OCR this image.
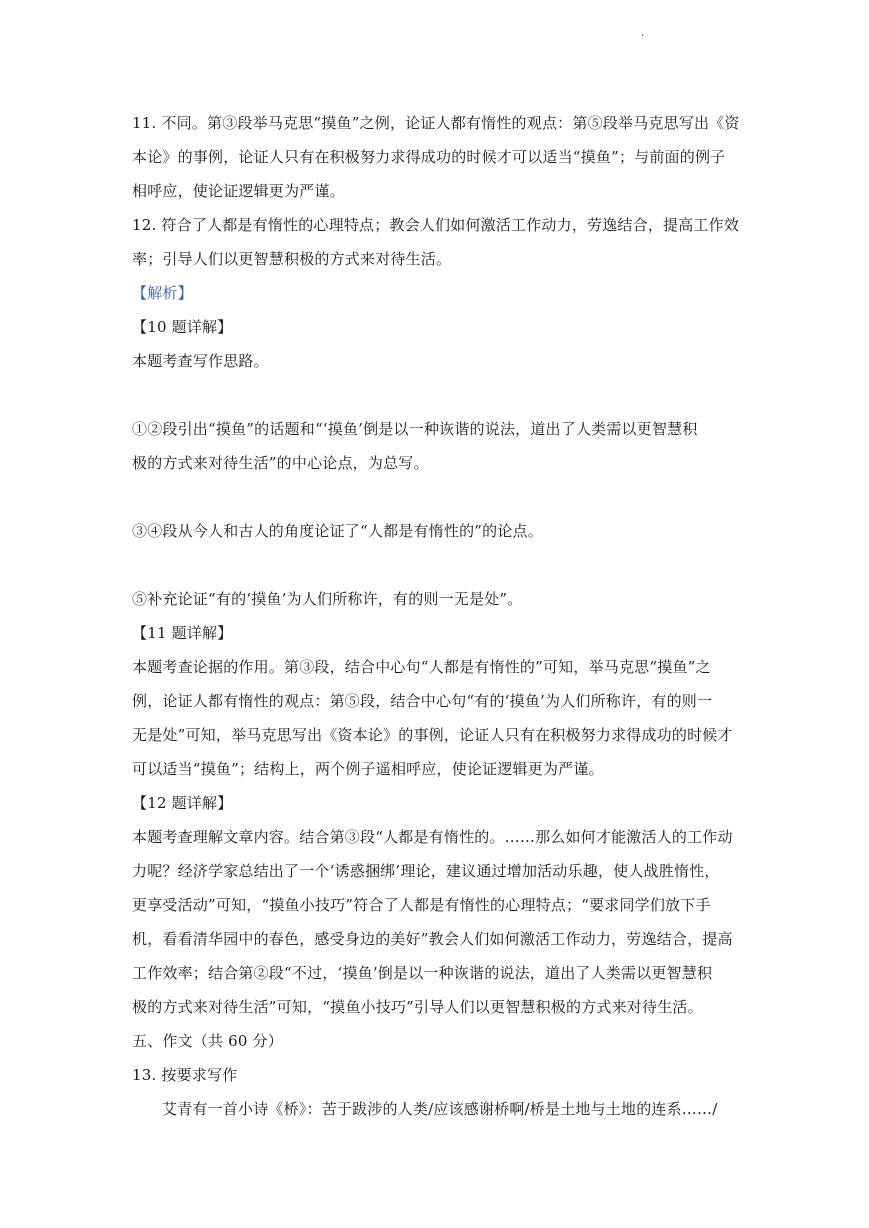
.
11. 不同。第③段举马克思“摸鱼”之例，论证人都有惰性的观点：第⑤段举马克思写出《资
本论》的事例，论证人只有在积极努力求得成功的时候才可以适当“摸鱼”；与前面的例子
相呼应，使论证逻辑更为严谨。
12. 符合了人都是有惰性的心理特点；教会人们如何激活工作动力，劳逸结合，提高工作效
率；引导人们以更智慧积极的方式来对待生活。
【解析】
【10 题详解】
本题考查写作思路。
①②段引出“摸鱼”的话题和“‘摸鱼’倒是以一种诙谐的说法，道出了人类需以更智慧积
极的方式来对待生活”的中心论点，为总写。
③④段从今人和古人的角度论证了“人都是有惰性的”的论点。
⑤补充论证“有的‘摸鱼’为人们所称许，有的则一无是处”。
【11 题详解】
本题考查论据的作用。第③段，结合中心句“人都是有惰性的”可知，举马克思“摸鱼”之
例，论证人都有惰性的观点：第⑤段，结合中心句“有的‘摸鱼’为人们所称许，有的则一
无是处”可知，举马克思写出《资本论》的事例，论证人只有在积极努力求得成功的时候才
可以适当“摸鱼”；结构上，两个例子遥相呼应，使论证逻辑更为严谨。
【12 题详解】
本题考查理解文章内容。结合第③段“人都是有惰性的。……那么如何才能激活人的工作动
力呢？经济学家总结出了一个‘诱惑捆绑’理论，建议通过增加活动乐趣，使人战胜惰性，
更享受活动”可知，“摸鱼小技巧”符合了人都是有惰性的心理特点；“要求同学们放下手
机，看看清华园中的春色，感受身边的美好”教会人们如何激活工作动力，劳逸结合，提高
工作效率；结合第②段“不过，‘摸鱼’倒是以一种诙谐的说法，道出了人类需以更智慧积
极的方式来对待生活”可知，“摸鱼小技巧”引导人们以更智慧积极的方式来对待生活。
五、作文（共 60 分）
13. 按要求写作
艾青有一首小诗《桥》：苦于跋涉的人类/应该感谢桥啊/桥是土地与土地的连系……/
